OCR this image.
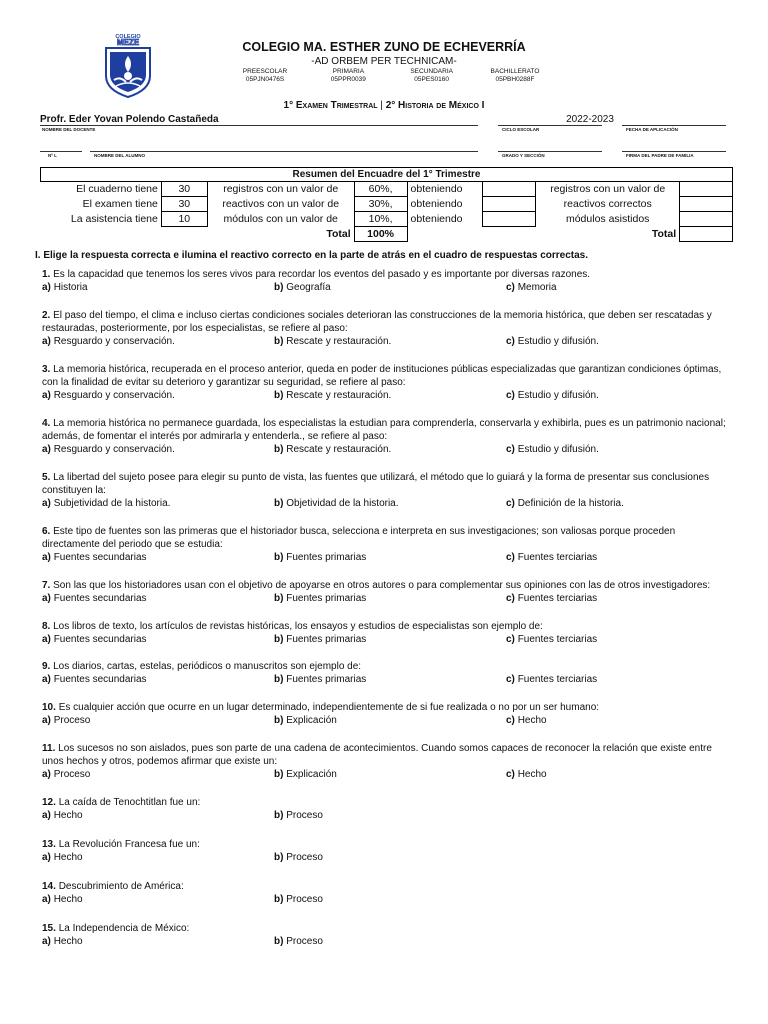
COLEGIO
MEZE	COLEGIO MA. ESTHER ZUNO DE ECHEVERRÍA
-AD ORBEM PER TECHNICAM-
PREESCOLAR
05PJN0476S
PRIMARIA
05PPR0039
SECUNDARIA
05PES0160
BACHILLERATO
05PBH0288F
1° Examen Trimestral | 2° Historia de México I
Profr. Eder Yovan Polendo Castañeda	2022-2023
NOMBRE DEL DOCENTE	CICLO ESCOLAR	FECHA DE APLICACIÓN
Nº L	NOMBRE DEL ALUMNO	GRADO Y SECCIÓN	FIRMA DEL PADRE DE FAMILIA
Resumen del Encuadre del 1° Trimestre							
El cuaderno tiene	30	registros con un valor de	60%,	obteniendo		registros con un valor de	
El examen tiene	30	reactivos con un valor de	30%,	obteniendo		reactivos correctos	
La asistencia tiene	10	módulos con un valor de	10%,	obteniendo		módulos asistidos	
		Total	100%			Total	
I. Elige la respuesta correcta e ilumina el reactivo correcto en la parte de atrás en el cuadro de respuestas correctas.
1. Es la capacidad que tenemos los seres vivos para recordar los eventos del pasado y es importante por diversas razones.
a) Historia	b) Geografía	c) Memoria
2. El paso del tiempo, el clima e incluso ciertas condiciones sociales deterioran las construcciones de la memoria histórica, que deben ser rescatadas y restauradas, posteriormente, por los especialistas, se refiere al paso:
a) Resguardo y conservación.	b) Rescate y restauración.	c) Estudio y difusión.
3. La memoria histórica, recuperada en el proceso anterior, queda en poder de instituciones públicas especializadas que garantizan condiciones óptimas, con la finalidad de evitar su deterioro y garantizar su seguridad, se refiere al paso:
a) Resguardo y conservación.	b) Rescate y restauración.	c) Estudio y difusión.
4. La memoria histórica no permanece guardada, los especialistas la estudian para comprenderla, conservarla y exhibirla, pues es un patrimonio nacional; además, de fomentar el interés por admirarla y entenderla., se refiere al paso:
a) Resguardo y conservación.	b) Rescate y restauración.	c) Estudio y difusión.
5. La libertad del sujeto posee para elegir su punto de vista, las fuentes que utilizará, el método que lo guiará y la forma de presentar sus conclusiones constituyen la:
a) Subjetividad de la historia.	b) Objetividad de la historia.	c) Definición de la historia.
6. Este tipo de fuentes son las primeras que el historiador busca, selecciona e interpreta en sus investigaciones; son valiosas porque proceden directamente del periodo que se estudia:
a) Fuentes secundarias	b) Fuentes primarias	c) Fuentes terciarias
7. Son las que los historiadores usan con el objetivo de apoyarse en otros autores o para complementar sus opiniones con las de otros investigadores:
a) Fuentes secundarias	b) Fuentes primarias	c) Fuentes terciarias
8. Los libros de texto, los artículos de revistas históricas, los ensayos y estudios de especialistas son ejemplo de:
a) Fuentes secundarias	b) Fuentes primarias	c) Fuentes terciarias
9. Los diarios, cartas, estelas, periódicos o manuscritos son ejemplo de:
a) Fuentes secundarias	b) Fuentes primarias	c) Fuentes terciarias
10. Es cualquier acción que ocurre en un lugar determinado, independientemente de si fue realizada o no por un ser humano:
a) Proceso	b) Explicación	c) Hecho
11. Los sucesos no son aislados, pues son parte de una cadena de acontecimientos. Cuando somos capaces de reconocer la relación que existe entre unos hechos y otros, podemos afirmar que existe un:
a) Proceso	b) Explicación	c) Hecho
12. La caída de Tenochtitlan fue un:
a) Hecho	b) Proceso
13. La Revolución Francesa fue un:
a) Hecho	b) Proceso
14. Descubrimiento de América:
a) Hecho	b) Proceso
15. La Independencia de México:
a) Hecho	b) Proceso
